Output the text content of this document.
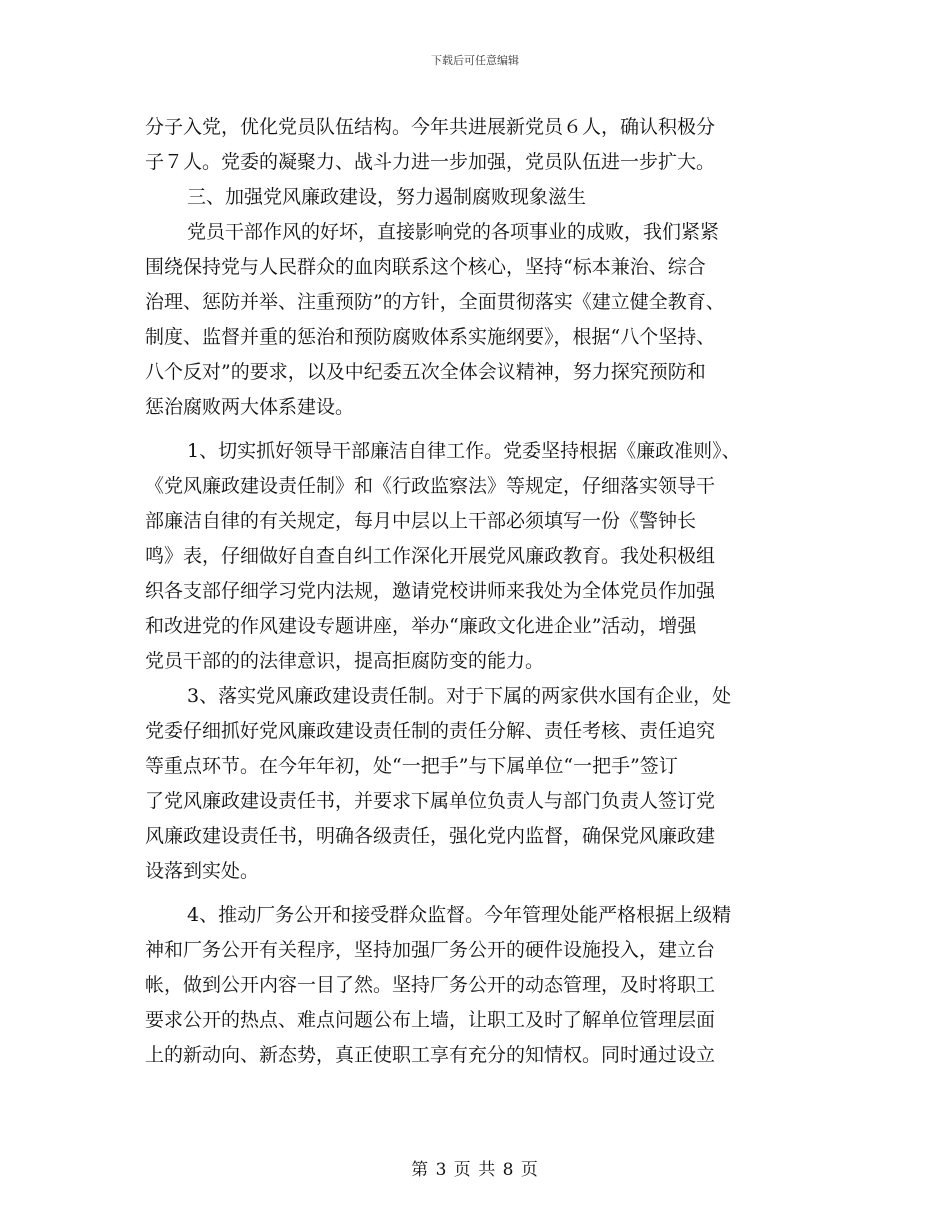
下载后可任意编辑
分子入党，优化党员队伍结构。今年共进展新党员６人，确认积极分
子７人。党委的凝聚力、战斗力进一步加强，党员队伍进一步扩大。
三、加强党风廉政建设，努力遏制腐败现象滋生
党员干部作风的好坏，直接影响党的各项事业的成败，我们紧紧
围绕保持党与人民群众的血肉联系这个核心，坚持“标本兼治、综合
治理、惩防并举、注重预防”的方针，全面贯彻落实《建立健全教育、
制度、监督并重的惩治和预防腐败体系实施纲要》，根据“八个坚持、
八个反对”的要求，以及中纪委五次全体会议精神，努力探究预防和
惩治腐败两大体系建设。
1、切实抓好领导干部廉洁自律工作。党委坚持根据《廉政准则》、
《党风廉政建设责任制》和《行政监察法》等规定，仔细落实领导干
部廉洁自律的有关规定，每月中层以上干部必须填写一份《警钟长
鸣》表，仔细做好自查自纠工作深化开展党风廉政教育。我处积极组
织各支部仔细学习党内法规，邀请党校讲师来我处为全体党员作加强
和改进党的作风建设专题讲座，举办“廉政文化进企业”活动，增强
党员干部的的法律意识，提高拒腐防变的能力。
3、落实党风廉政建设责任制。对于下属的两家供水国有企业，处
党委仔细抓好党风廉政建设责任制的责任分解、责任考核、责任追究
等重点环节。在今年年初，处“一把手”与下属单位“一把手”签订
了党风廉政建设责任书，并要求下属单位负责人与部门负责人签订党
风廉政建设责任书，明确各级责任，强化党内监督，确保党风廉政建
设落到实处。
4、推动厂务公开和接受群众监督。今年管理处能严格根据上级精
神和厂务公开有关程序，坚持加强厂务公开的硬件设施投入，建立台
帐，做到公开内容一目了然。坚持厂务公开的动态管理，及时将职工
要求公开的热点、难点问题公布上墙，让职工及时了解单位管理层面
上的新动向、新态势，真正使职工享有充分的知情权。同时通过设立
第 3 页 共 8 页
